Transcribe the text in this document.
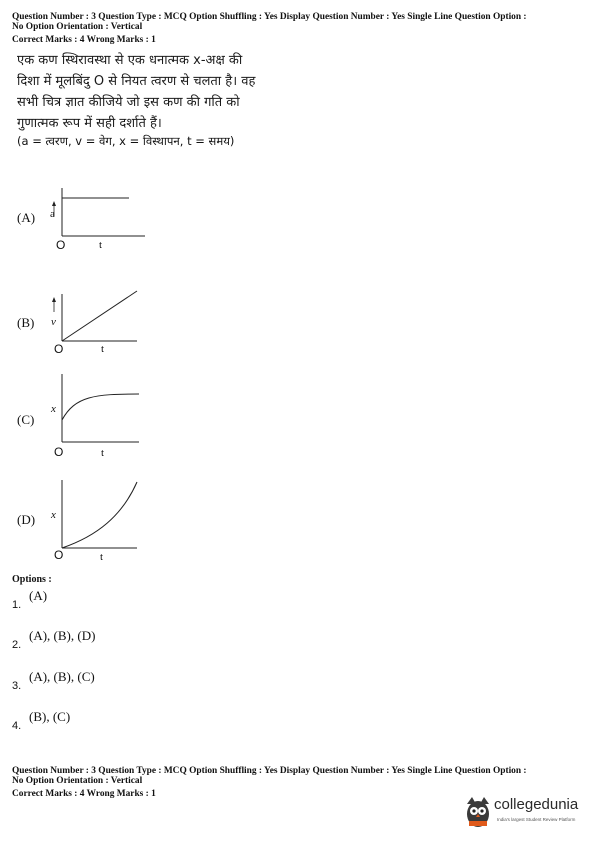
Question Number : 3 Question Type : MCQ Option Shuffling : Yes Display Question Number : Yes Single Line Question Option :
No Option Orientation : Vertical
Correct Marks : 4 Wrong Marks : 1
एक कण स्थिरावस्था से एक धनात्मक x-अक्ष की
दिशा में मूलबिंदु O से नियत त्वरण से चलता है। वह
सभी चित्र ज्ञात कीजिये जो इस कण की गति को
गुणात्मक रूप में सही दर्शाते हैं।
(a = त्वरण, v = वेग, x = विस्थापन, t = समय)
(A) a
O	t
(B) v
O	t
(C)
x
O	t
(D) x
O	t
Options :
1.
(A)
2.
(A), (B), (D)
3.
(A), (B), (C)
4.
(B), (C)
Question Number : 3 Question Type : MCQ Option Shuffling : Yes Display Question Number : Yes Single Line Question Option :
No Option Orientation : Vertical
Correct Marks : 4 Wrong Marks : 1
collegedunia
India's largest Student Review Platform
